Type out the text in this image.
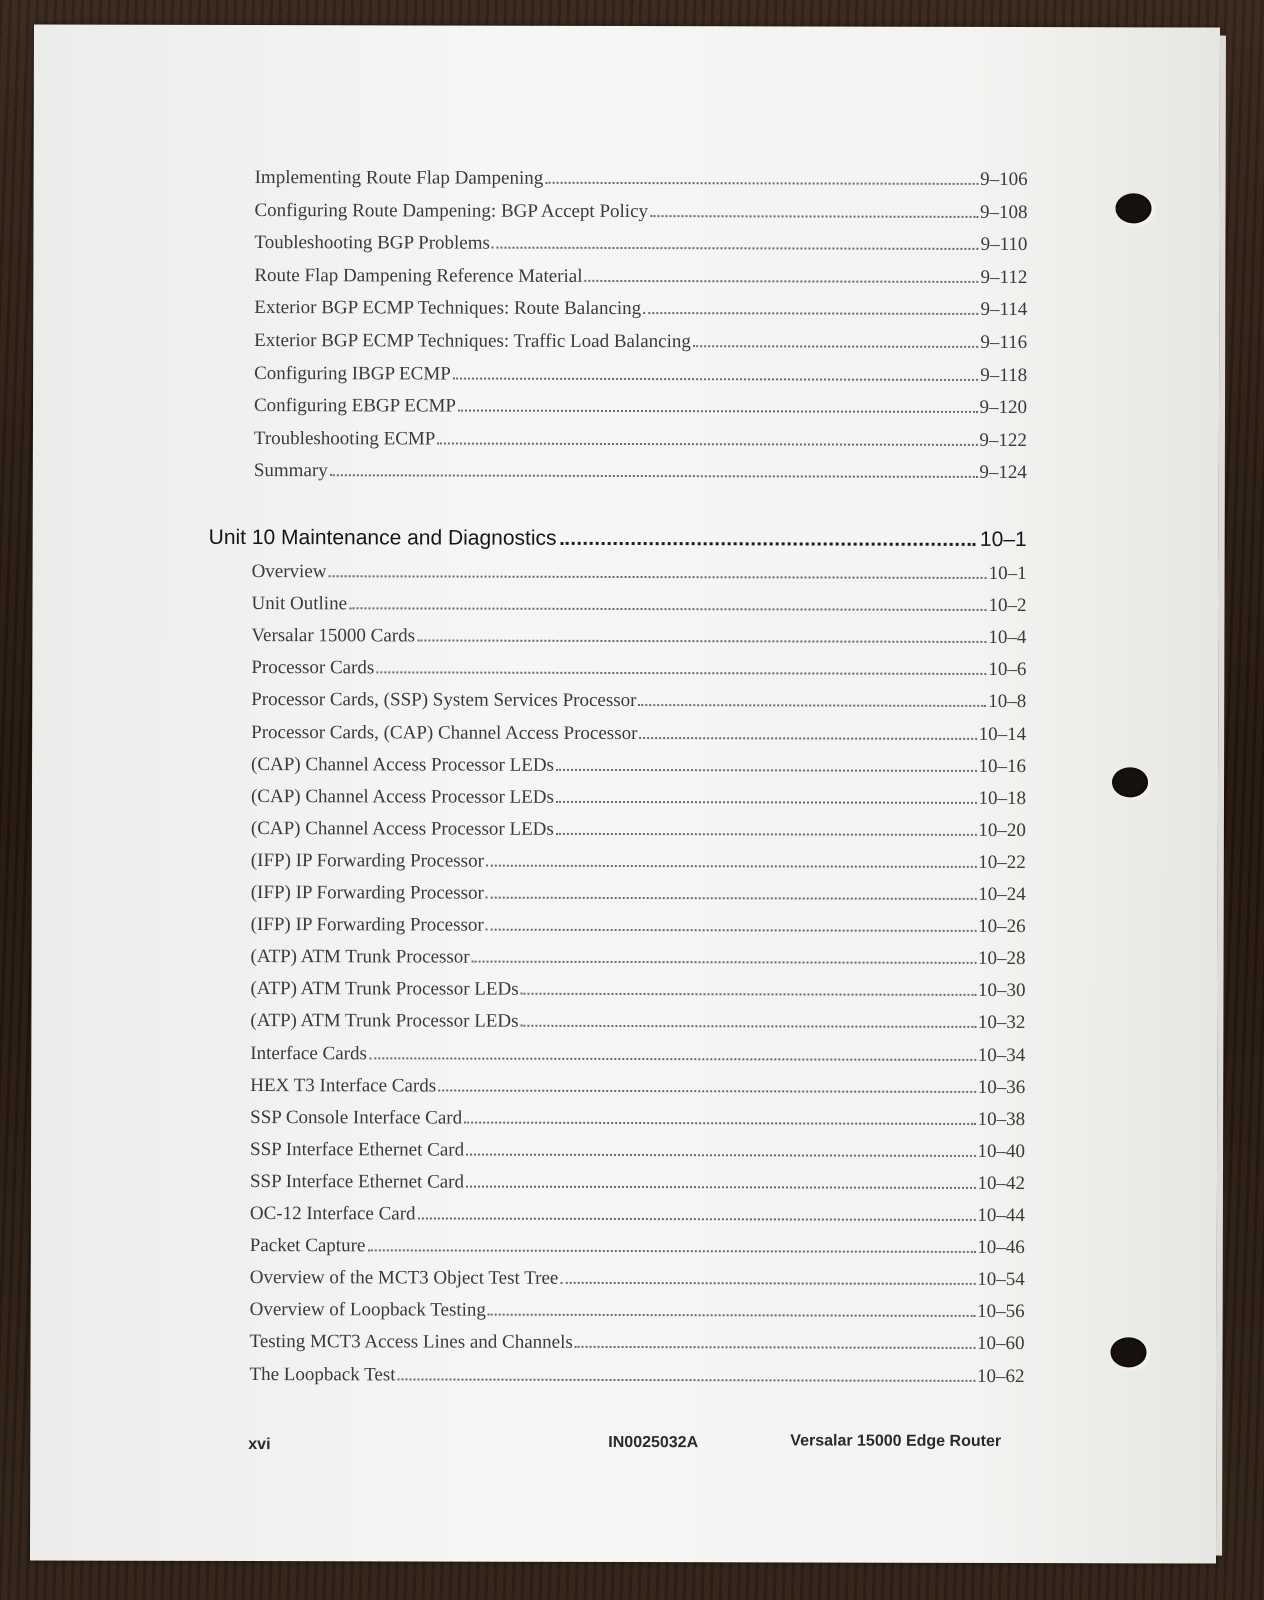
Implementing Route Flap Dampening	9–106
Configuring Route Dampening: BGP Accept Policy	9–108
Toubleshooting BGP Problems	9–110
Route Flap Dampening Reference Material	9–112
Exterior BGP ECMP Techniques: Route Balancing	9–114
Exterior BGP ECMP Techniques: Traffic Load Balancing	9–116
Configuring IBGP ECMP	9–118
Configuring EBGP ECMP	9–120
Troubleshooting ECMP	9–122
Summary	9–124
Unit 10 Maintenance and Diagnostics	10–1
Overview	10–1
Unit Outline	10–2
Versalar 15000 Cards	10–4
Processor Cards	10–6
Processor Cards, (SSP) System Services Processor	10–8
Processor Cards, (CAP) Channel Access Processor	10–14
(CAP) Channel Access Processor LEDs	10–16
(CAP) Channel Access Processor LEDs	10–18
(CAP) Channel Access Processor LEDs	10–20
(IFP) IP Forwarding Processor	10–22
(IFP) IP Forwarding Processor	10–24
(IFP) IP Forwarding Processor	10–26
(ATP) ATM Trunk Processor	10–28
(ATP) ATM Trunk Processor LEDs	10–30
(ATP) ATM Trunk Processor LEDs	10–32
Interface Cards	10–34
HEX T3 Interface Cards	10–36
SSP Console Interface Card	10–38
SSP Interface Ethernet Card	10–40
SSP Interface Ethernet Card	10–42
OC-12 Interface Card	10–44
Packet Capture	10–46
Overview of the MCT3 Object Test Tree	10–54
Overview of Loopback Testing	10–56
Testing MCT3 Access Lines and Channels	10–60
The Loopback Test	10–62
xvi	IN0025032A	Versalar 15000 Edge Router
